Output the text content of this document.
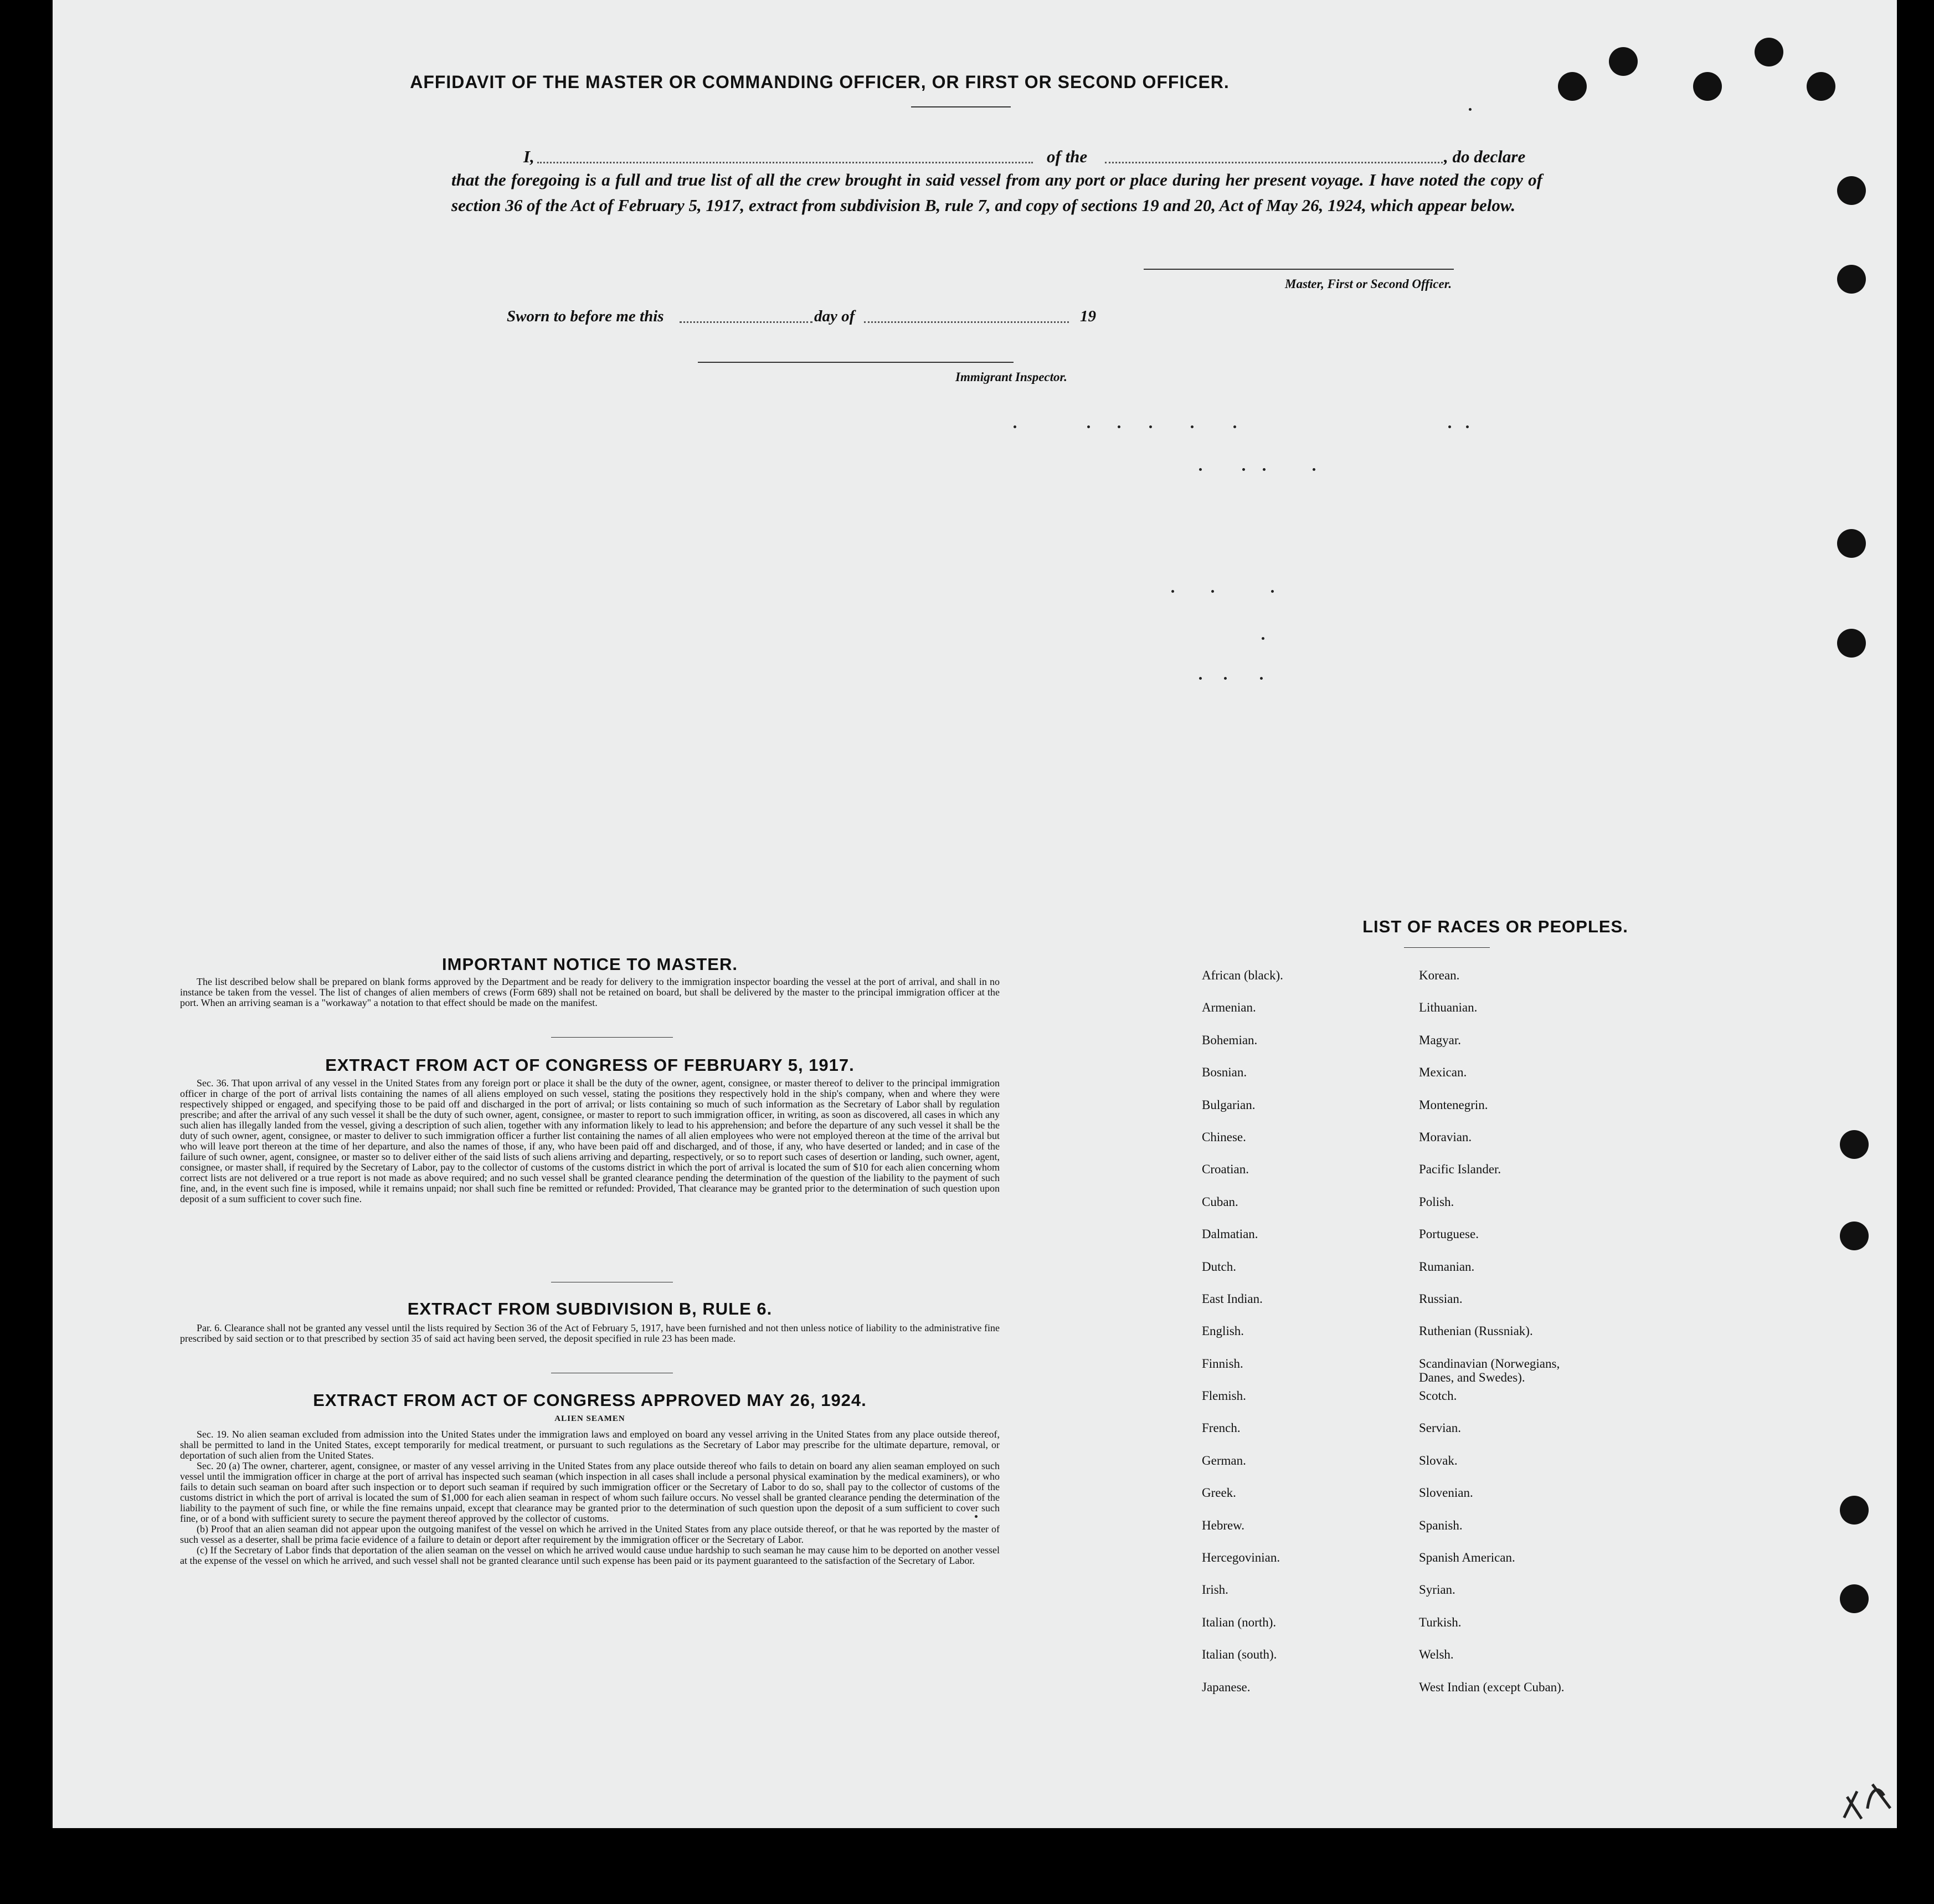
AFFIDAVIT OF THE MASTER OR COMMANDING OFFICER, OR FIRST OR SECOND OFFICER.
I,	of the	, do declare
that the foregoing is a full and true list of all the crew brought in said vessel from any port or place during her present voyage. I have noted the copy of section 36 of the Act of February 5, 1917, extract from subdivision B, rule 7, and copy of sections 19 and 20, Act of May 26, 1924, which appear below.
Master, First or Second Officer.
Sworn to before me this	day of	19
Immigrant Inspector.
IMPORTANT NOTICE TO MASTER.

The list described below shall be prepared on blank forms approved by the Department and be ready for delivery to the immigration inspector boarding the vessel at the port of arrival, and shall in no instance be taken from the vessel. The list of changes of alien members of crews (Form 689) shall not be retained on board, but shall be delivered by the master to the principal immigration officer at the port. When an arriving seaman is a "workaway" a notation to that effect should be made on the manifest.

EXTRACT FROM ACT OF CONGRESS OF FEBRUARY 5, 1917.

Sec. 36. That upon arrival of any vessel in the United States from any foreign port or place it shall be the duty of the owner, agent, consignee, or master thereof to deliver to the principal immigration officer in charge of the port of arrival lists containing the names of all aliens employed on such vessel, stating the positions they respectively hold in the ship's company, when and where they were respectively shipped or engaged, and specifying those to be paid off and discharged in the port of arrival; or lists containing so much of such information as the Secretary of Labor shall by regulation prescribe; and after the arrival of any such vessel it shall be the duty of such owner, agent, consignee, or master to report to such immigration officer, in writing, as soon as discovered, all cases in which any such alien has illegally landed from the vessel, giving a description of such alien, together with any information likely to lead to his apprehension; and before the departure of any such vessel it shall be the duty of such owner, agent, consignee, or master to deliver to such immigration officer a further list containing the names of all alien employees who were not employed thereon at the time of the arrival but who will leave port thereon at the time of her departure, and also the names of those, if any, who have been paid off and discharged, and of those, if any, who have deserted or landed; and in case of the failure of such owner, agent, consignee, or master so to deliver either of the said lists of such aliens arriving and departing, respectively, or so to report such cases of desertion or landing, such owner, agent, consignee, or master shall, if required by the Secretary of Labor, pay to the collector of customs of the customs district in which the port of arrival is located the sum of $10 for each alien concerning whom correct lists are not delivered or a true report is not made as above required; and no such vessel shall be granted clearance pending the determination of the question of the liability to the payment of such fine, and, in the event such fine is imposed, while it remains unpaid; nor shall such fine be remitted or refunded: Provided, That clearance may be granted prior to the determination of such question upon deposit of a sum sufficient to cover such fine.

EXTRACT FROM SUBDIVISION B, RULE 6.

Par. 6. Clearance shall not be granted any vessel until the lists required by Section 36 of the Act of February 5, 1917, have been furnished and not then unless notice of liability to the administrative fine prescribed by said section or to that prescribed by section 35 of said act having been served, the deposit specified in rule 23 has been made.

EXTRACT FROM ACT OF CONGRESS APPROVED MAY 26, 1924.
ALIEN SEAMEN

Sec. 19. No alien seaman excluded from admission into the United States under the immigration laws and employed on board any vessel arriving in the United States from any place outside thereof, shall be permitted to land in the United States, except temporarily for medical treatment, or pursuant to such regulations as the Secretary of Labor may prescribe for the ultimate departure, removal, or deportation of such alien from the United States.

Sec. 20 (a) The owner, charterer, agent, consignee, or master of any vessel arriving in the United States from any place outside thereof who fails to detain on board any alien seaman employed on such vessel until the immigration officer in charge at the port of arrival has inspected such seaman (which inspection in all cases shall include a personal physical examination by the medical examiners), or who fails to detain such seaman on board after such inspection or to deport such seaman if required by such immigration officer or the Secretary of Labor to do so, shall pay to the collector of customs of the customs district in which the port of arrival is located the sum of $1,000 for each alien seaman in respect of whom such failure occurs. No vessel shall be granted clearance pending the determination of the liability to the payment of such fine, or while the fine remains unpaid, except that clearance may be granted prior to the determination of such question upon the deposit of a sum sufficient to cover such fine, or of a bond with sufficient surety to secure the payment thereof approved by the collector of customs.

(b) Proof that an alien seaman did not appear upon the outgoing manifest of the vessel on which he arrived in the United States from any place outside thereof, or that he was reported by the master of such vessel as a deserter, shall be prima facie evidence of a failure to detain or deport after requirement by the immigration officer or the Secretary of Labor.

(c) If the Secretary of Labor finds that deportation of the alien seaman on the vessel on which he arrived would cause undue hardship to such seaman he may cause him to be deported on another vessel at the expense of the vessel on which he arrived, and such vessel shall not be granted clearance until such expense has been paid or its payment guaranteed to the satisfaction of the Secretary of Labor.

LIST OF RACES OR PEOPLES.
African (black).	Korean.
Armenian.	Lithuanian.
Bohemian.	Magyar.
Bosnian.	Mexican.
Bulgarian.	Montenegrin.
Chinese.	Moravian.
Croatian.	Pacific Islander.
Cuban.	Polish.
Dalmatian.	Portuguese.
Dutch.	Rumanian.
East Indian.	Russian.
English.	Ruthenian (Russniak).
Finnish.	Scandinavian (Norwegians, Danes, and Swedes).
Flemish.	Scotch.
French.	Servian.
German.	Slovak.
Greek.	Slovenian.
Hebrew.	Spanish.
Hercegovinian.	Spanish American.
Irish.	Syrian.
Italian (north).	Turkish.
Italian (south).	Welsh.
Japanese.	West Indian (except Cuban).
